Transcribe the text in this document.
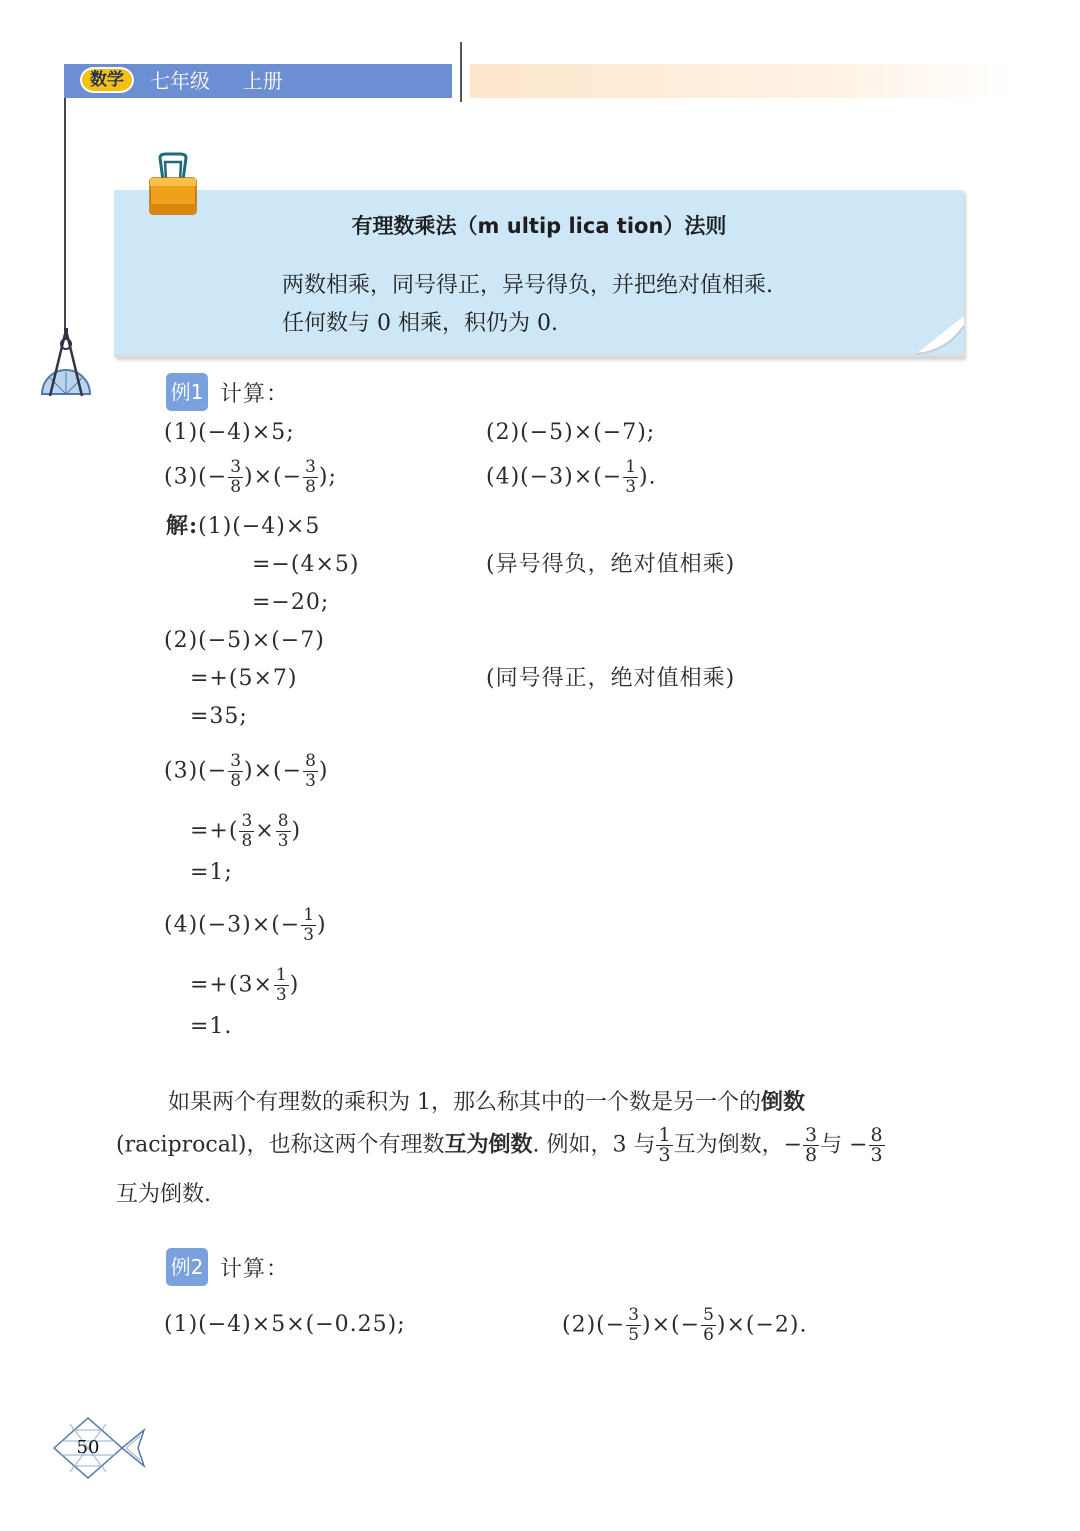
数学	七年级 上册
有理数乘法（m ultip lica tion）法则
两数相乘，同号得正，异号得负，并把绝对值相乘.
任何数与 0 相乘，积仍为 0.
例1 计算：
(1)(−4)×5;	(2)(−5)×(−7);
$(3)(- \frac{3}{8}$ )×(− $\frac{3}{8}$ );	$(4)(-3)\times(- \frac{1}{3}$ ).
解:(1)(−4)×5
=−(4×5)	(异号得负，绝对值相乘)
=−20;
(2)(−5)×(−7)
=+(5×7)	(同号得正，绝对值相乘)
=35;
$(3)(- \frac{3}{8}$ )×(− $\frac{8}{3}$ )
=+( $\frac{3}{8} \times \frac{8}{3}$ )
=1;
$(4)(-3)\times(- \frac{1}{3}$ )
$=+(3\times \frac{1}{3}$ )
=1.
如果两个有理数的乘积为 1，那么称其中的一个数是另一个的倒数
(raciprocal)，也称这两个有理数互为倒数. 例如，3 与 $\frac{1}{3}$ 互为倒数，− $\frac{3}{8}$ 与 − $\frac{8}{3}$
互为倒数.
例2 计算：
(1)(−4)×5×(−0.25);	$(2)(- \frac{3}{5}$ )×(− $\frac{5}{6} )\times(-2)$.
50
